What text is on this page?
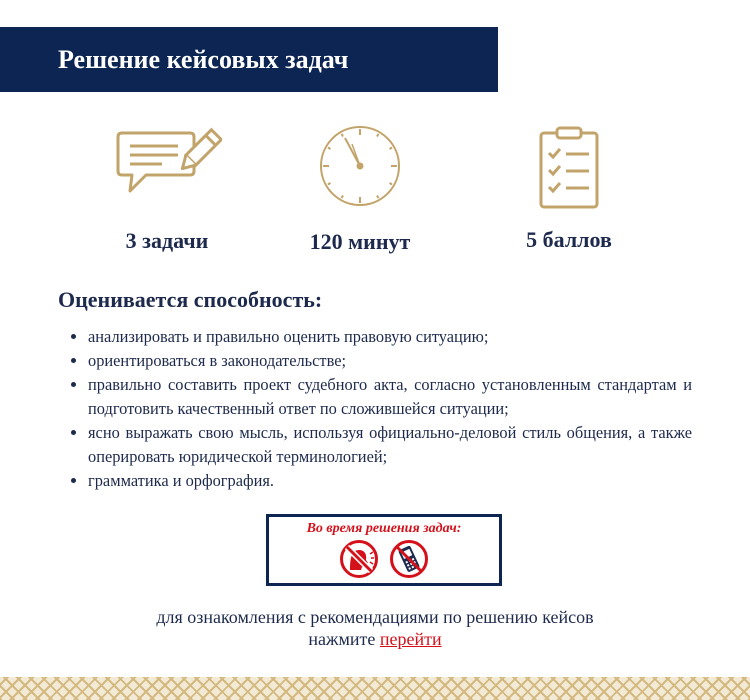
Решение кейсовых задач
3 задачи	120 минут	5 баллов
Оценивается способность:
• анализировать и правильно оценить правовую ситуацию;
• ориентироваться в законодательстве;
• правильно составить проект судебного акта, согласно установленным стандартам и подготовить качественный ответ по сложившейся ситуации;
• ясно выражать свою мысль, используя официально-деловой стиль общения, а также оперировать юридической терминологией;
• грамматика и орфография.
Во время решения задач:
для ознакомления с рекомендациями по решению кейсов
нажмите перейти
